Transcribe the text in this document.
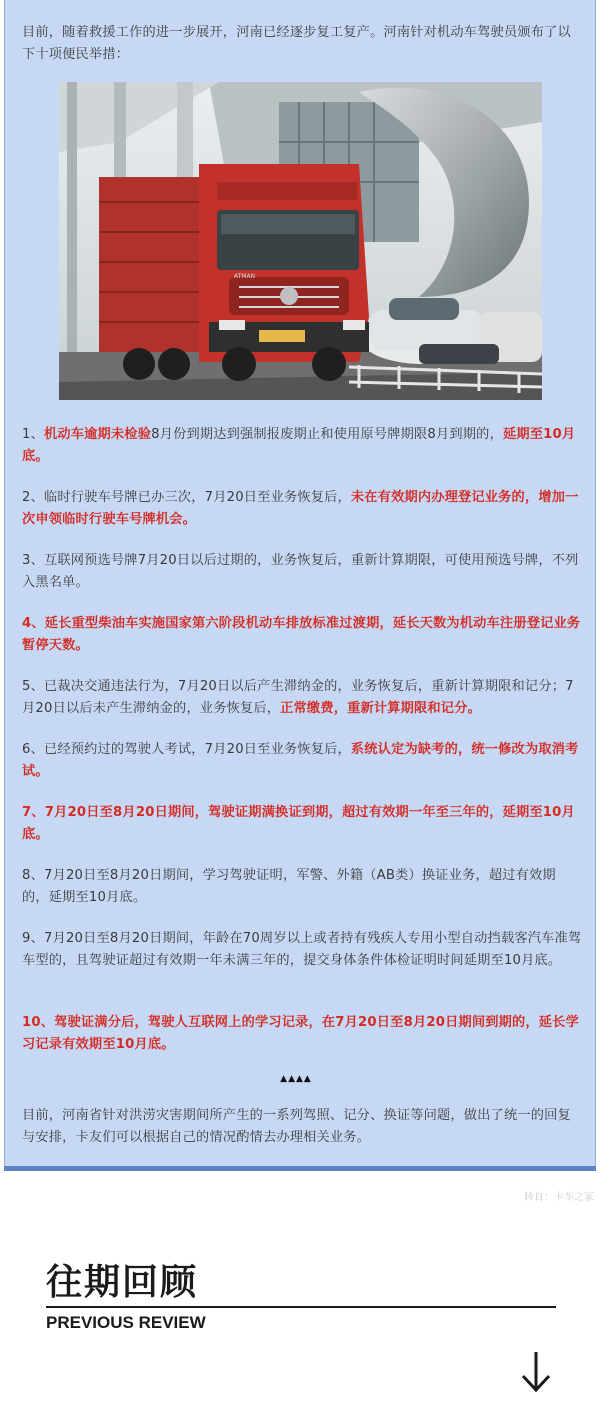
目前，随着救援工作的进一步展开，河南已经逐步复工复产。河南针对机动车驾驶员颁布了以下十项便民举措：

ATMAN

1、机动车逾期未检验8月份到期达到强制报废期止和使用原号牌期限8月到期的，延期至10月底。

2、临时行驶车号牌已办三次，7月20日至业务恢复后，未在有效期内办理登记业务的，增加一次申领临时行驶车号牌机会。

3、互联网预选号牌7月20日以后过期的，业务恢复后，重新计算期限，可使用预选号牌，不列入黑名单。

4、延长重型柴油车实施国家第六阶段机动车排放标准过渡期，延长天数为机动车注册登记业务暂停天数。

5、已裁决交通违法行为，7月20日以后产生滞纳金的，业务恢复后，重新计算期限和记分；7月20日以后未产生滞纳金的，业务恢复后，正常缴费，重新计算期限和记分。

6、已经预约过的驾驶人考试，7月20日至业务恢复后，系统认定为缺考的，统一修改为取消考试。

7、7月20日至8月20日期间，驾驶证期满换证到期，超过有效期一年至三年的，延期至10月底。

8、7月20日至8月20日期间，学习驾驶证明，军警、外籍（AB类）换证业务，超过有效期的，延期至10月底。

9、7月20日至8月20日期间，年龄在70周岁以上或者持有残疾人专用小型自动挡载客汽车准驾车型的，且驾驶证超过有效期一年未满三年的，提交身体条件体检证明时间延期至10月底。

10、驾驶证满分后，驾驶人互联网上的学习记录，在7月20日至8月20日期间到期的，延长学习记录有效期至10月底。

▲▲▲▲

目前，河南省针对洪涝灾害期间所产生的一系列驾照、记分、换证等问题，做出了统一的回复与安排，卡友们可以根据自己的情况酌情去办理相关业务。

转自：卡车之家
往期回顾
PREVIOUS REVIEW
